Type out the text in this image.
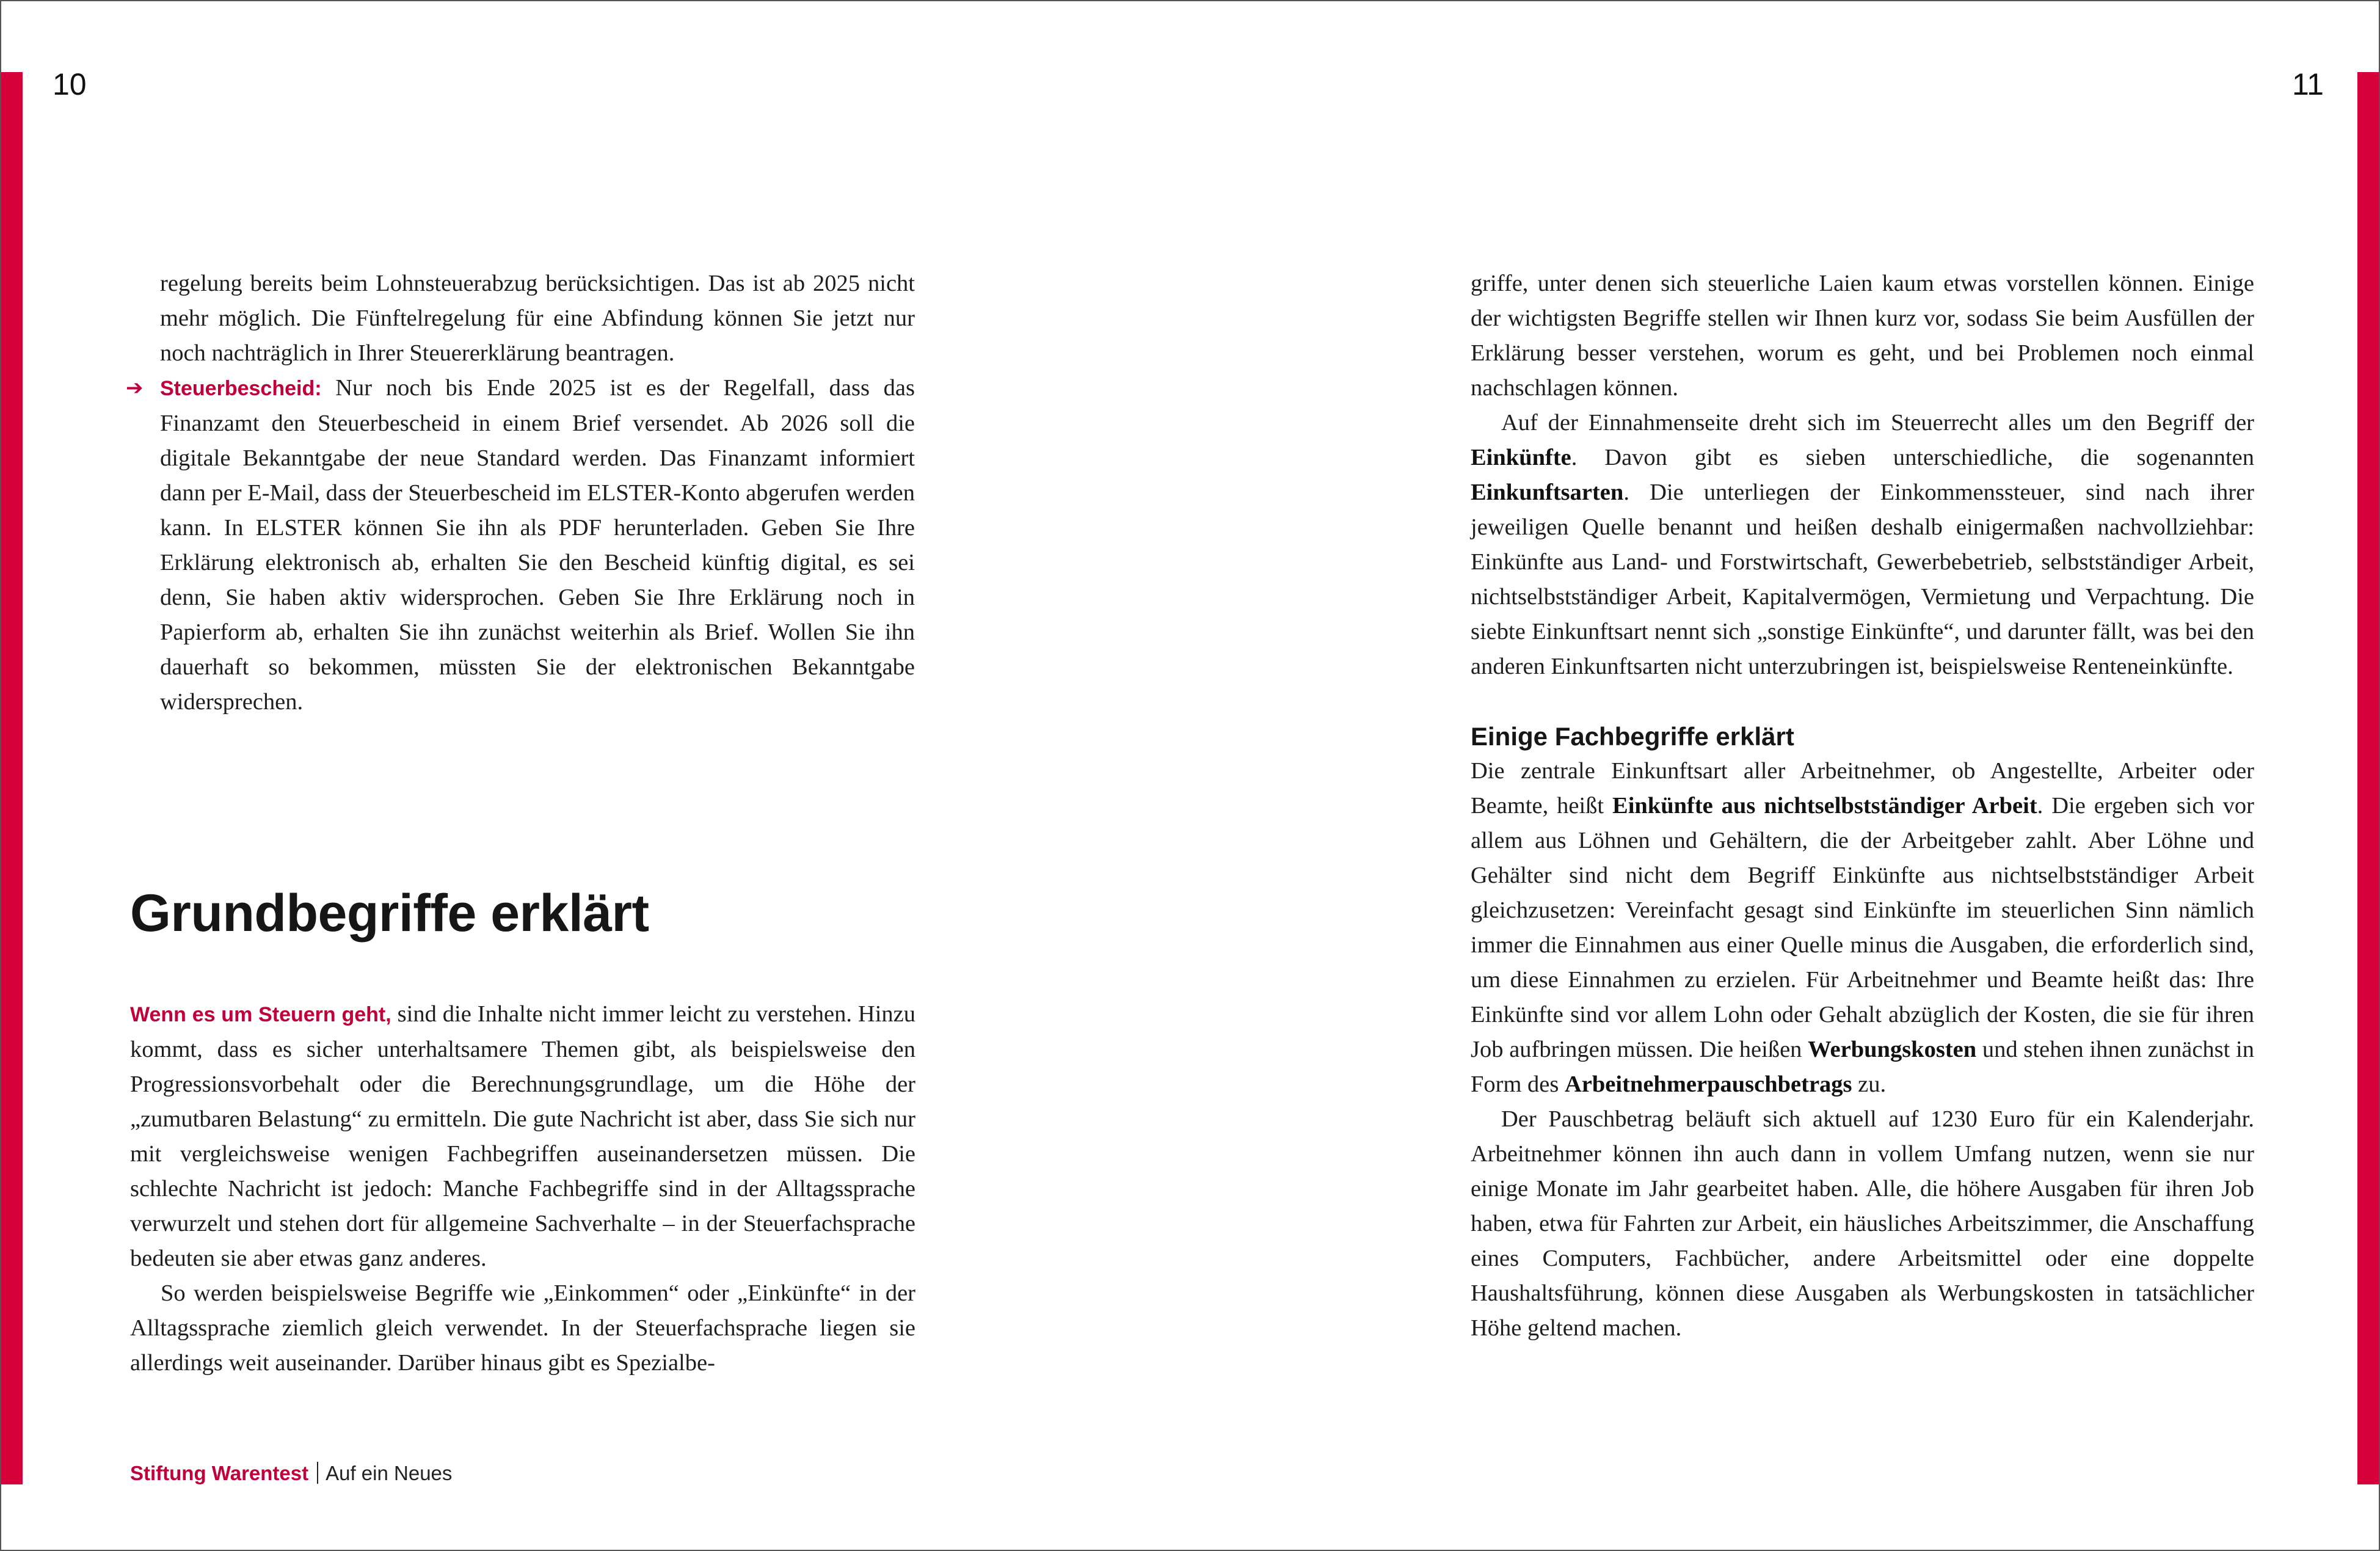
10

regelung bereits beim Lohnsteuerabzug berücksichtigen. Das ist ab 2025 nicht mehr möglich. Die Fünftelregelung für eine Abfindung können Sie jetzt nur noch nachträglich in Ihrer Steuererklärung beantragen.

➔ Steuerbescheid: Nur noch bis Ende 2025 ist es der Regelfall, dass das Finanzamt den Steuerbescheid in einem Brief versendet. Ab 2026 soll die digitale Bekanntgabe der neue Standard werden. Das Finanzamt informiert dann per E-Mail, dass der Steuerbescheid im ELSTER-Konto abgerufen werden kann. In ELSTER können Sie ihn als PDF herunterladen. Geben Sie Ihre Erklärung elektronisch ab, erhalten Sie den Bescheid künftig digital, es sei denn, Sie haben aktiv widersprochen. Geben Sie Ihre Erklärung noch in Papierform ab, erhalten Sie ihn zunächst weiterhin als Brief. Wollen Sie ihn dauerhaft so bekommen, müssten Sie der elektronischen Bekanntgabe widersprechen.

Grundbegriffe erklärt

Wenn es um Steuern geht, sind die Inhalte nicht immer leicht zu verstehen. Hinzu kommt, dass es sicher unterhaltsamere Themen gibt, als beispielsweise den Progressionsvorbehalt oder die Berechnungsgrundlage, um die Höhe der „zumutbaren Belastung“ zu ermitteln. Die gute Nachricht ist aber, dass Sie sich nur mit vergleichsweise wenigen Fachbegriffen auseinandersetzen müssen. Die schlechte Nachricht ist jedoch: Manche Fachbegriffe sind in der Alltagssprache verwurzelt und stehen dort für allgemeine Sachverhalte – in der Steuerfachsprache bedeuten sie aber etwas ganz anderes.

So werden beispielsweise Begriffe wie „Einkommen“ oder „Einkünfte“ in der Alltagssprache ziemlich gleich verwendet. In der Steuerfachsprache liegen sie allerdings weit auseinander. Darüber hinaus gibt es Spezialbe-

Stiftung Warentest Auf ein Neues
11

griffe, unter denen sich steuerliche Laien kaum etwas vorstellen können. Einige der wichtigsten Begriffe stellen wir Ihnen kurz vor, sodass Sie beim Ausfüllen der Erklärung besser verstehen, worum es geht, und bei Problemen noch einmal nachschlagen können.

Auf der Einnahmenseite dreht sich im Steuerrecht alles um den Begriff der Einkünfte. Davon gibt es sieben unterschiedliche, die sogenannten Einkunftsarten. Die unterliegen der Einkommenssteuer, sind nach ihrer jeweiligen Quelle benannt und heißen deshalb einigermaßen nachvollziehbar: Einkünfte aus Land- und Forstwirtschaft, Gewerbebetrieb, selbstständiger Arbeit, nichtselbstständiger Arbeit, Kapitalvermögen, Vermietung und Verpachtung. Die siebte Einkunftsart nennt sich „sonstige Einkünfte“, und darunter fällt, was bei den anderen Einkunftsarten nicht unterzubringen ist, beispielsweise Renteneinkünfte.

Einige Fachbegriffe erklärt

Die zentrale Einkunftsart aller Arbeitnehmer, ob Angestellte, Arbeiter oder Beamte, heißt Einkünfte aus nichtselbstständiger Arbeit. Die ergeben sich vor allem aus Löhnen und Gehältern, die der Arbeitgeber zahlt. Aber Löhne und Gehälter sind nicht dem Begriff Einkünfte aus nichtselbstständiger Arbeit gleichzusetzen: Vereinfacht gesagt sind Einkünfte im steuerlichen Sinn nämlich immer die Einnahmen aus einer Quelle minus die Ausgaben, die erforderlich sind, um diese Einnahmen zu erzielen. Für Arbeitnehmer und Beamte heißt das: Ihre Einkünfte sind vor allem Lohn oder Gehalt abzüglich der Kosten, die sie für ihren Job aufbringen müssen. Die heißen Werbungskosten und stehen ihnen zunächst in Form des Arbeitnehmerpauschbetrags zu.

Der Pauschbetrag beläuft sich aktuell auf 1230 Euro für ein Kalenderjahr. Arbeitnehmer können ihn auch dann in vollem Umfang nutzen, wenn sie nur einige Monate im Jahr gearbeitet haben. Alle, die höhere Ausgaben für ihren Job haben, etwa für Fahrten zur Arbeit, ein häusliches Arbeitszimmer, die Anschaffung eines Computers, Fachbücher, andere Arbeitsmittel oder eine doppelte Haushaltsführung, können diese Ausgaben als Werbungskosten in tatsächlicher Höhe geltend machen.
